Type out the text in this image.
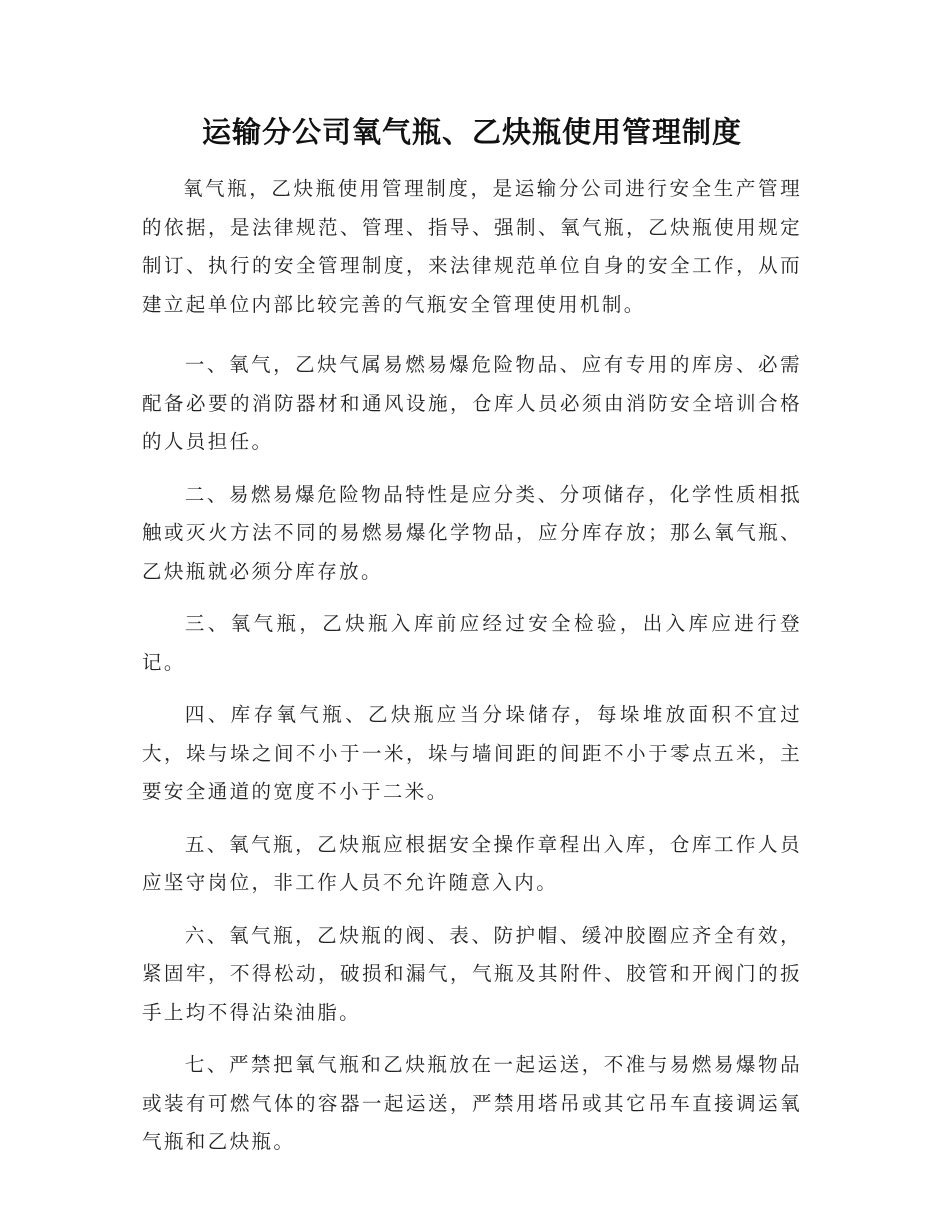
运输分公司氧气瓶、乙炔瓶使用管理制度

氧气瓶，乙炔瓶使用管理制度，是运输分公司进行安全生产管理的依据，是法律规范、管理、指导、强制、氧气瓶，乙炔瓶使用规定制订、执行的安全管理制度，来法律规范单位自身的安全工作，从而建立起单位内部比较完善的气瓶安全管理使用机制。

一、氧气，乙炔气属易燃易爆危险物品、应有专用的库房、必需配备必要的消防器材和通风设施，仓库人员必须由消防安全培训合格的人员担任。

二、易燃易爆危险物品特性是应分类、分项储存，化学性质相抵触或灭火方法不同的易燃易爆化学物品，应分库存放；那么氧气瓶、乙炔瓶就必须分库存放。

三、氧气瓶，乙炔瓶入库前应经过安全检验，出入库应进行登记。

四、库存氧气瓶、乙炔瓶应当分垛储存，每垛堆放面积不宜过大，垛与垛之间不小于一米，垛与墙间距的间距不小于零点五米，主要安全通道的宽度不小于二米。

五、氧气瓶，乙炔瓶应根据安全操作章程出入库，仓库工作人员应坚守岗位，非工作人员不允许随意入内。

六、氧气瓶，乙炔瓶的阀、表、防护帽、缓冲胶圈应齐全有效，紧固牢，不得松动，破损和漏气，气瓶及其附件、胶管和开阀门的扳手上均不得沾染油脂。

七、严禁把氧气瓶和乙炔瓶放在一起运送，不准与易燃易爆物品或装有可燃气体的容器一起运送，严禁用塔吊或其它吊车直接调运氧气瓶和乙炔瓶。
